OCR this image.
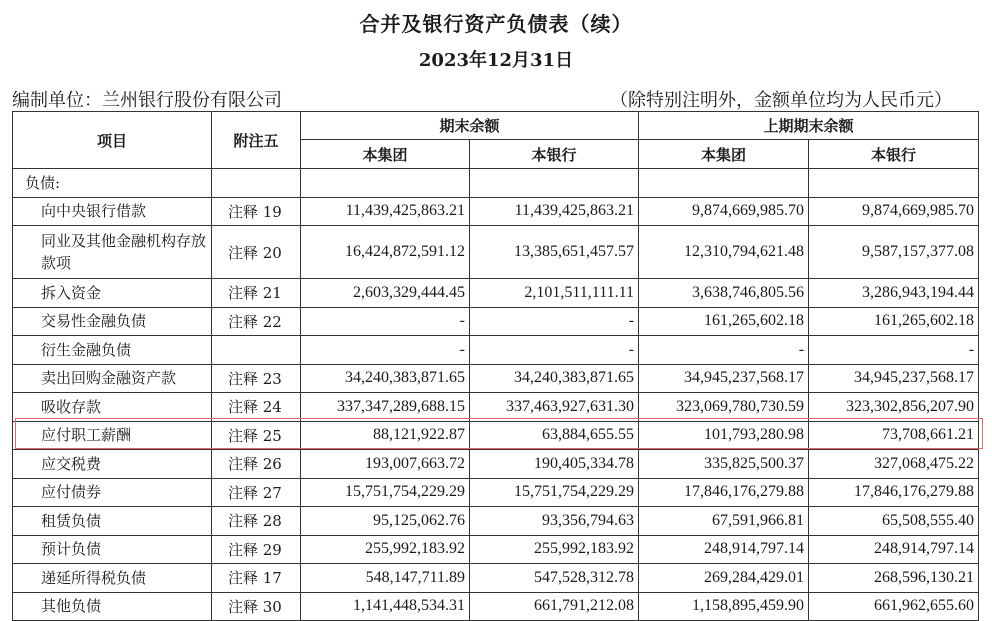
合并及银行资产负债表（续）
2023年12月31日
编制单位：兰州银行股份有限公司	（除特别注明外，金额单位均为人民币元）
项目	附注五	期末余额		上期期末余额	
		本集团	本银行	本集团	本银行
负债:					
向中央银行借款	注释 19	11,439,425,863.21	11,439,425,863.21	9,874,669,985.70	9,874,669,985.70
同业及其他金融机构存放款项	注释 20	16,424,872,591.12	13,385,651,457.57	12,310,794,621.48	9,587,157,377.08
拆入资金	注释 21	2,603,329,444.45	2,101,511,111.11	3,638,746,805.56	3,286,943,194.44
交易性金融负债	注释 22	-	-	161,265,602.18	161,265,602.18
衍生金融负债		-	-	-	-
卖出回购金融资产款	注释 23	34,240,383,871.65	34,240,383,871.65	34,945,237,568.17	34,945,237,568.17
吸收存款	注释 24	337,347,289,688.15	337,463,927,631.30	323,069,780,730.59	323,302,856,207.90
应付职工薪酬	注释 25	88,121,922.87	63,884,655.55	101,793,280.98	73,708,661.21
应交税费	注释 26	193,007,663.72	190,405,334.78	335,825,500.37	327,068,475.22
应付债券	注释 27	15,751,754,229.29	15,751,754,229.29	17,846,176,279.88	17,846,176,279.88
租赁负债	注释 28	95,125,062.76	93,356,794.63	67,591,966.81	65,508,555.40
预计负债	注释 29	255,992,183.92	255,992,183.92	248,914,797.14	248,914,797.14
递延所得税负债	注释 17	548,147,711.89	547,528,312.78	269,284,429.01	268,596,130.21
其他负债	注释 30	1,141,448,534.31	661,791,212.08	1,158,895,459.90	661,962,655.60
